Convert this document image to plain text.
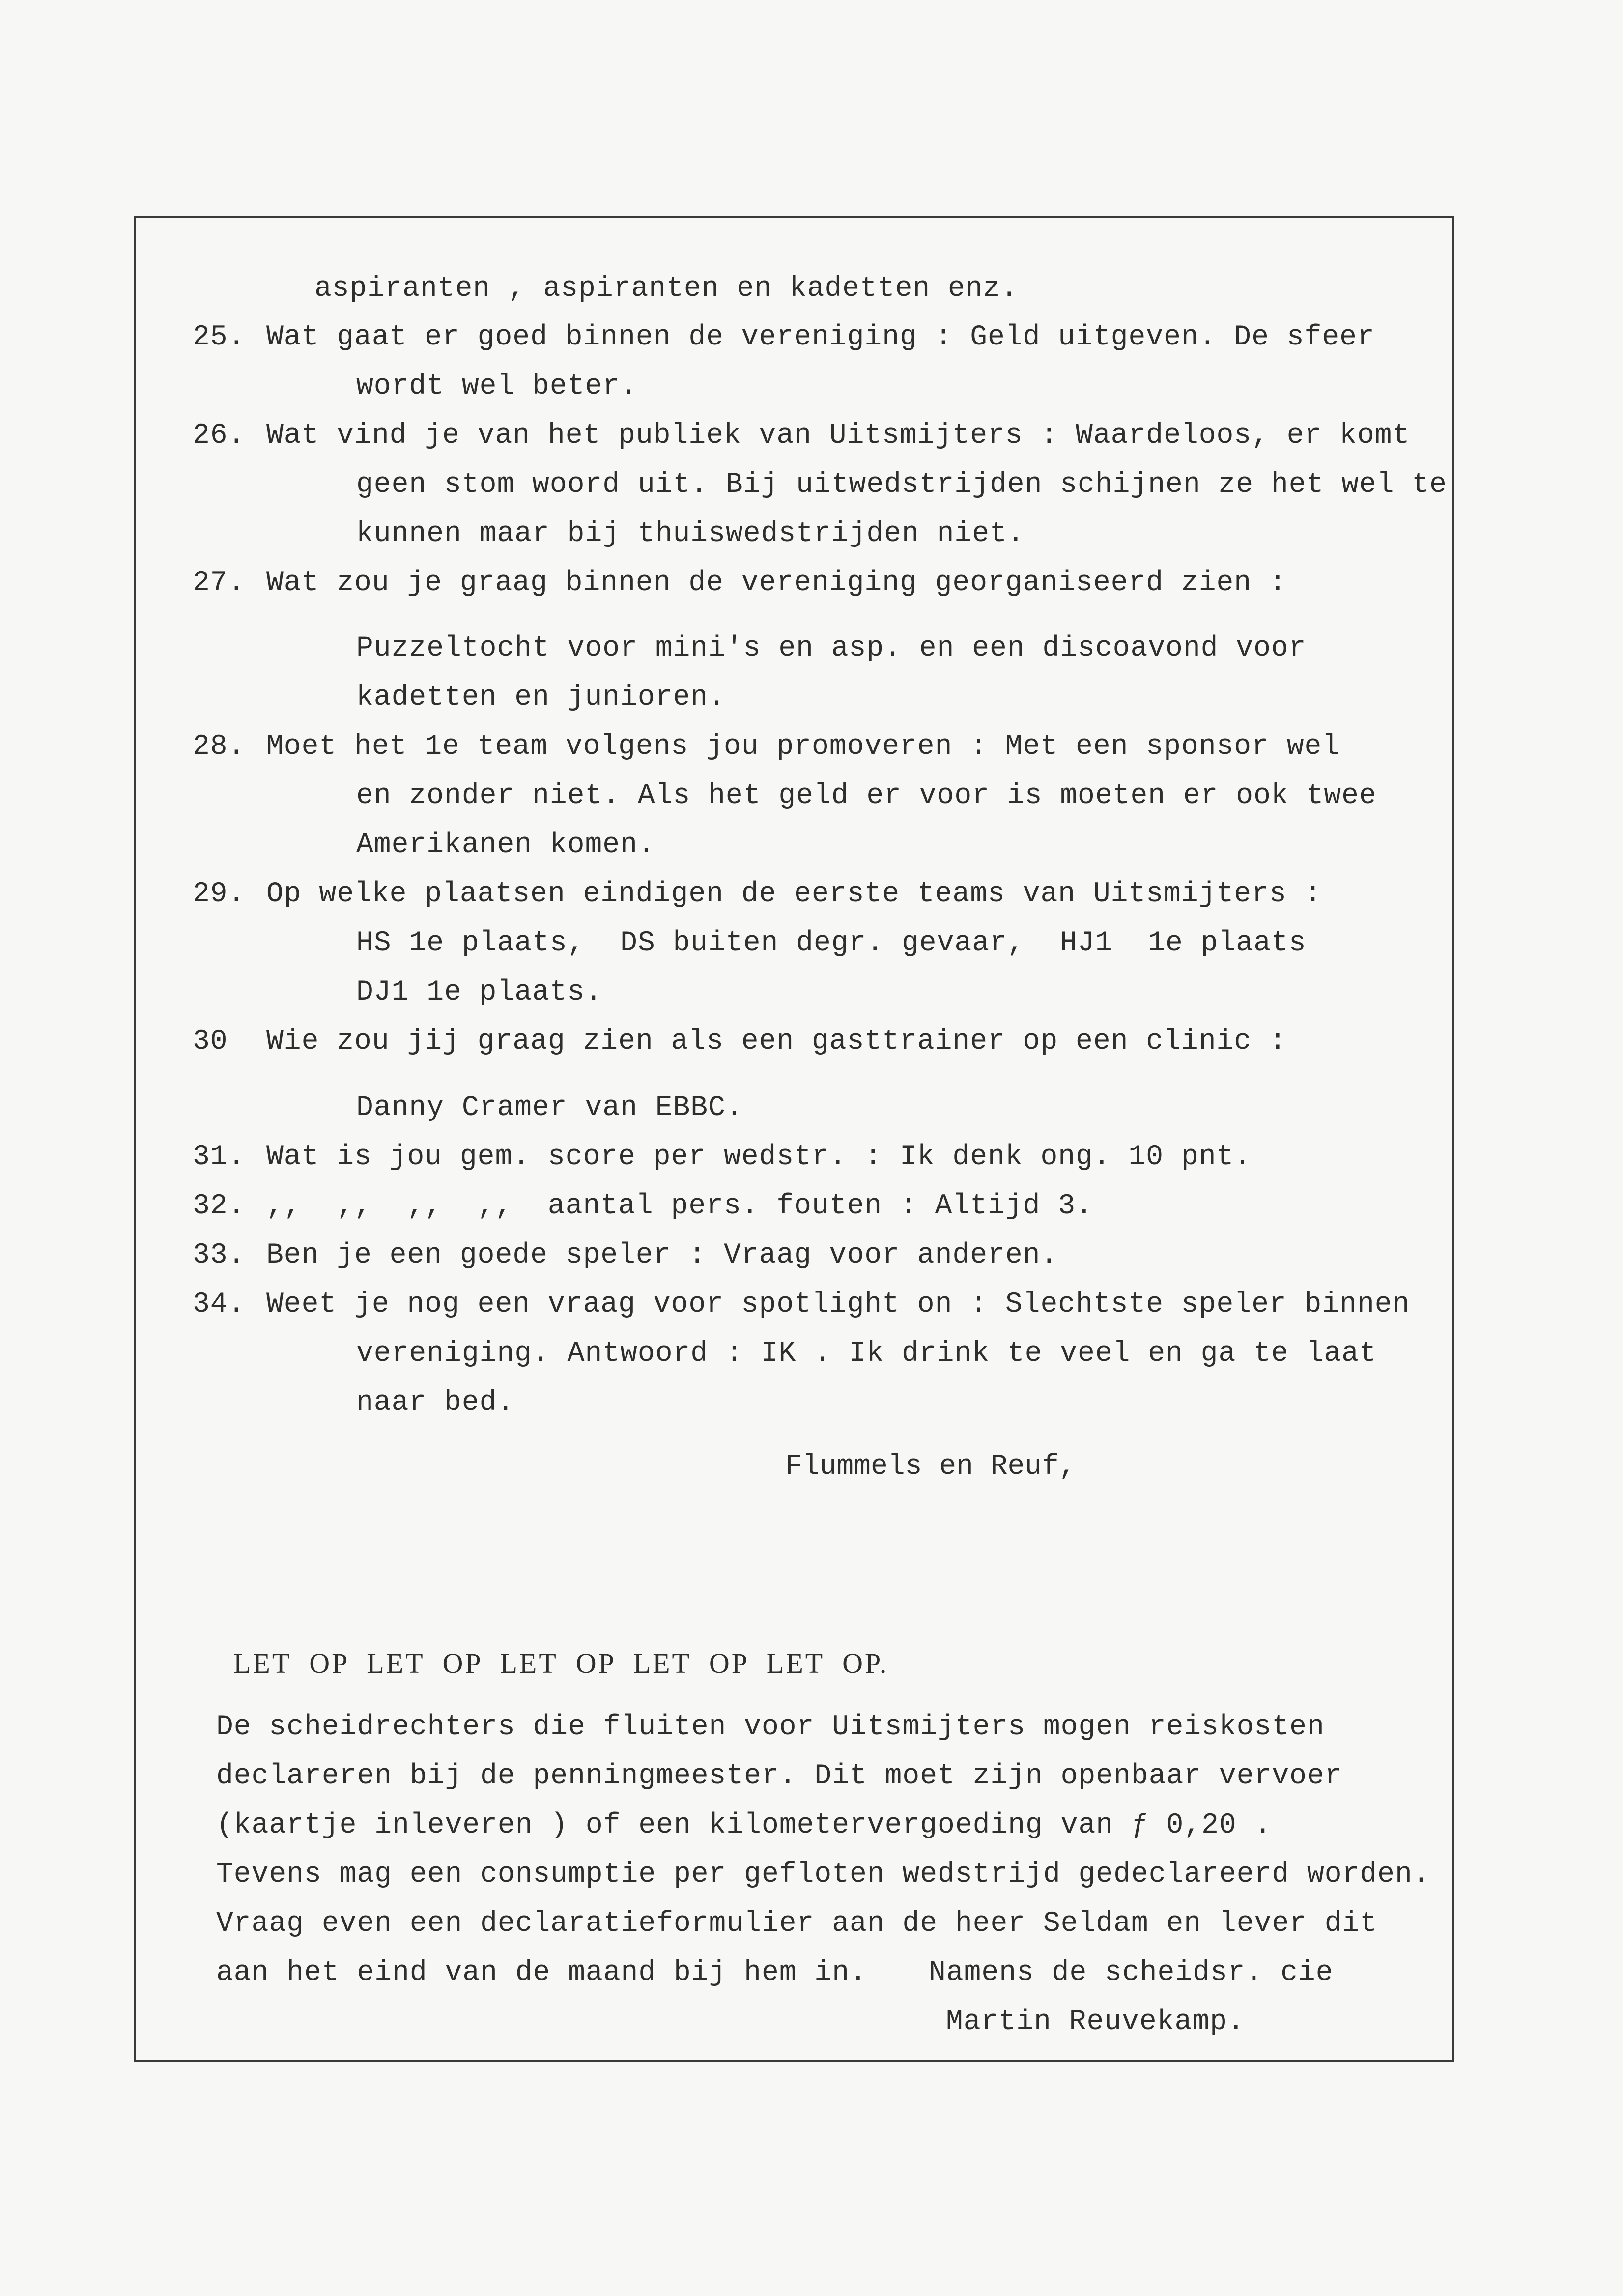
aspiranten , aspiranten en kadetten enz.
25. Wat gaat er goed binnen de vereniging : Geld uitgeven. De sfeer
wordt wel beter.
26. Wat vind je van het publiek van Uitsmijters : Waardeloos, er komt
geen stom woord uit. Bij uitwedstrijden schijnen ze het wel te
kunnen maar bij thuiswedstrijden niet.
27. Wat zou je graag binnen de vereniging georganiseerd zien :
Puzzeltocht voor mini's en asp. en een discoavond voor
kadetten en junioren.
28. Moet het 1e team volgens jou promoveren : Met een sponsor wel
en zonder niet. Als het geld er voor is moeten er ook twee
Amerikanen komen.
29. Op welke plaatsen eindigen de eerste teams van Uitsmijters :
HS 1e plaats,  DS buiten degr. gevaar,  HJ1  1e plaats
DJ1 1e plaats.
30 Wie zou jij graag zien als een gasttrainer op een clinic :
Danny Cramer van EBBC.
31. Wat is jou gem. score per wedstr. : Ik denk ong. 10 pnt.
32. ,,  ,,  ,,  ,,  aantal pers. fouten : Altijd 3.
33. Ben je een goede speler : Vraag voor anderen.
34. Weet je nog een vraag voor spotlight on : Slechtste speler binnen
vereniging. Antwoord : IK . Ik drink te veel en ga te laat
naar bed.
Flummels en Reuf,
LET  OP  LET  OP  LET  OP  LET  OP  LET  OP.
De scheidrechters die fluiten voor Uitsmijters mogen reiskosten
declareren bij de penningmeester. Dit moet zijn openbaar vervoer
(kaartje inleveren ) of een kilometervergoeding van ƒ 0,20 .
Tevens mag een consumptie per gefloten wedstrijd gedeclareerd worden.
Vraag even een declaratieformulier aan de heer Seldam en lever dit
aan het eind van de maand bij hem in. Namens de scheidsr. cie
Martin Reuvekamp.
